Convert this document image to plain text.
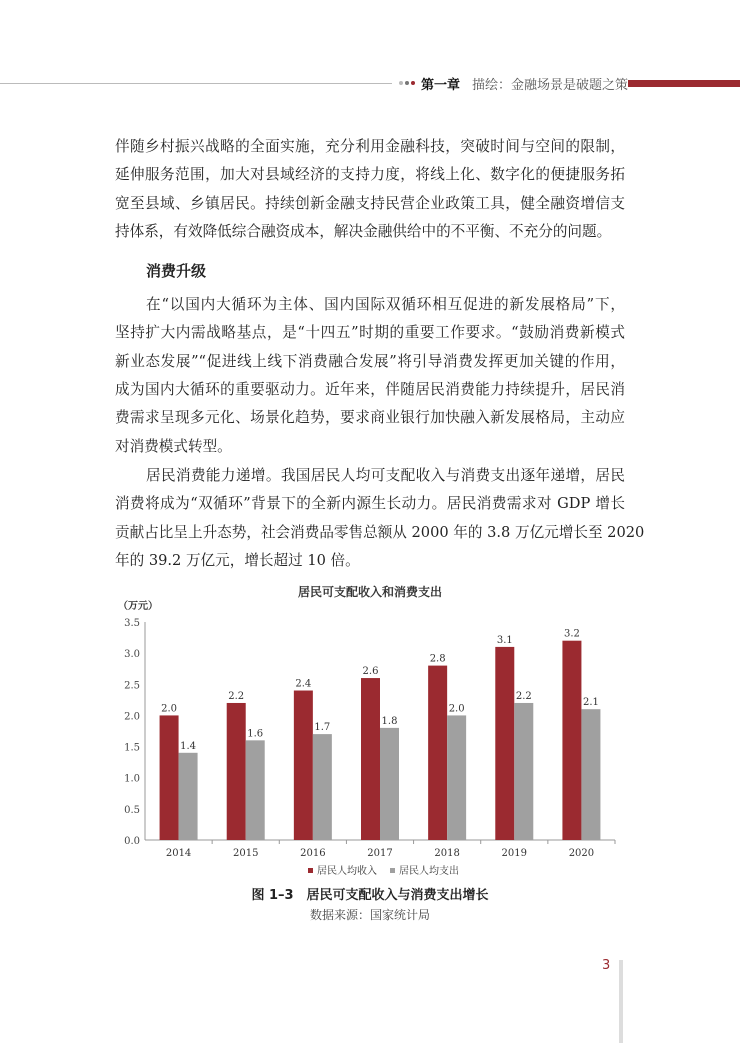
第一章 描绘：金融场景是破题之策
伴随乡村振兴战略的全面实施，充分利用金融科技，突破时间与空间的限制，
延伸服务范围，加大对县域经济的支持力度，将线上化、数字化的便捷服务拓
宽至县域、乡镇居民。持续创新金融支持民营企业政策工具，健全融资增信支
持体系，有效降低综合融资成本，解决金融供给中的不平衡、不充分的问题。
在“以国内大循环为主体、国内国际双循环相互促进的新发展格局”下，
坚持扩大内需战略基点，是“十四五”时期的重要工作要求。“鼓励消费新模式
新业态发展”“促进线上线下消费融合发展”将引导消费发挥更加关键的作用，
成为国内大循环的重要驱动力。近年来，伴随居民消费能力持续提升，居民消
费需求呈现多元化、场景化趋势，要求商业银行加快融入新发展格局，主动应
对消费模式转型。
居民消费能力递增。我国居民人均可支配收入与消费支出逐年递增，居民
消费将成为“双循环”背景下的全新内源生长动力。居民消费需求对 GDP 增长
贡献占比呈上升态势，社会消费品零售总额从 2000 年的 3.8 万亿元增长至 2020
年的 39.2 万亿元，增长超过 10 倍。
消费升级
居民可支配收入和消费支出
（万元）
0.0
0.5
1.0
1.5
2.0
2.5
3.0
3.5
2014
2.0
1.4
2015
2.2
1.6
2016
2.4
1.7
2017
2.6
1.8
2018
2.8
2.0
2019
3.1
2.2
2020
3.2
2.1
居民人均收入 居民人均支出
图 1–3　居民可支配收入与消费支出增长
数据来源：国家统计局
3
